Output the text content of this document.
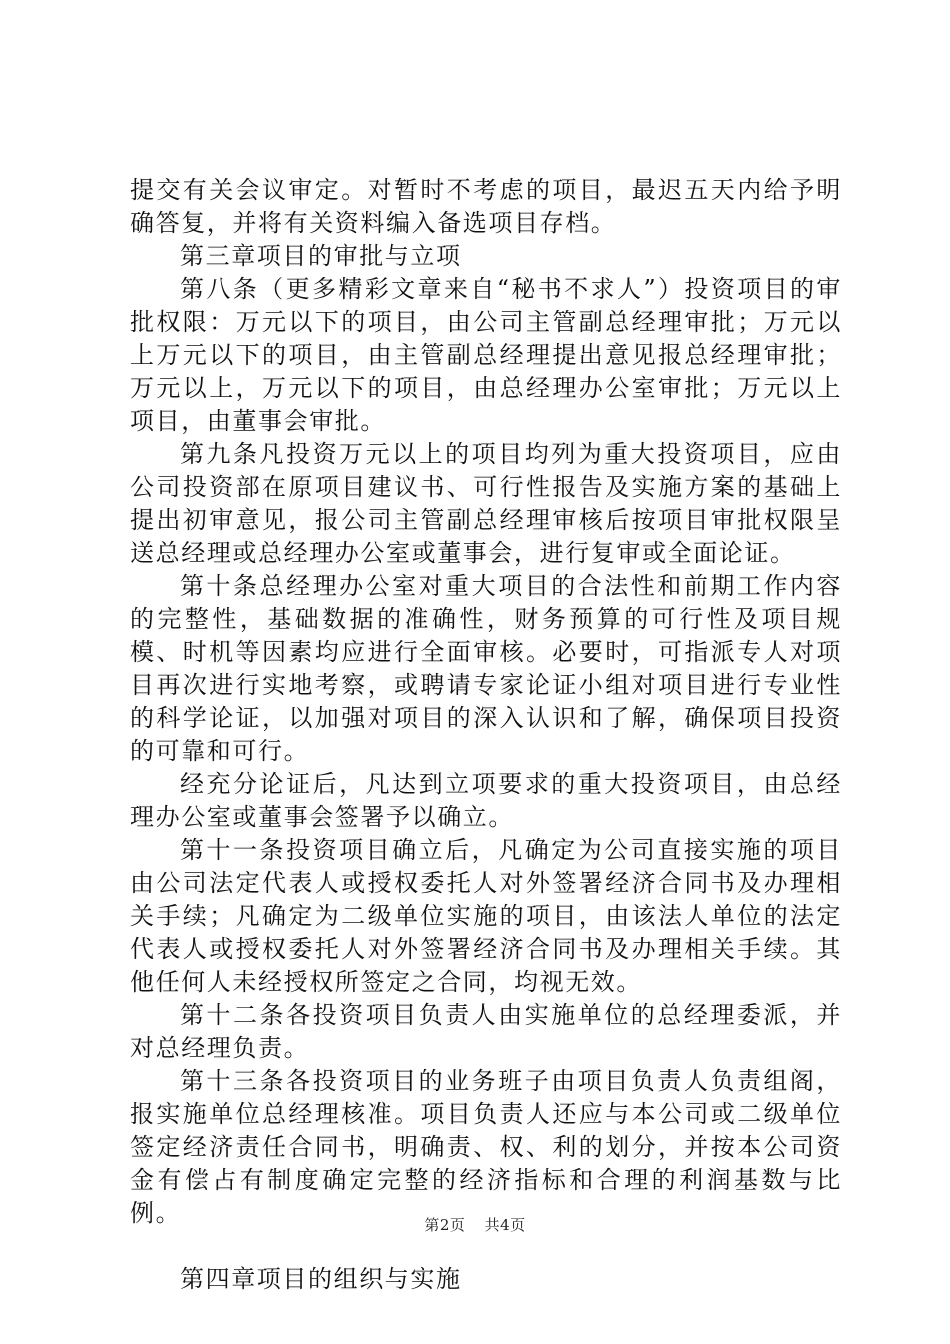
提交有关会议审定。对暂时不考虑的项目，最迟五天内给予明确答复，并将有关资料编入备选项目存档。

第三章项目的审批与立项

第八条（更多精彩文章来自“秘书不求人”）投资项目的审批权限：万元以下的项目，由公司主管副总经理审批；万元以上万元以下的项目，由主管副总经理提出意见报总经理审批；万元以上，万元以下的项目，由总经理办公室审批；万元以上项目，由董事会审批。

第九条凡投资万元以上的项目均列为重大投资项目，应由公司投资部在原项目建议书、可行性报告及实施方案的基础上提出初审意见，报公司主管副总经理审核后按项目审批权限呈送总经理或总经理办公室或董事会，进行复审或全面论证。

第十条总经理办公室对重大项目的合法性和前期工作内容的完整性，基础数据的准确性，财务预算的可行性及项目规模、时机等因素均应进行全面审核。必要时，可指派专人对项目再次进行实地考察，或聘请专家论证小组对项目进行专业性的科学论证，以加强对项目的深入认识和了解，确保项目投资的可靠和可行。

经充分论证后，凡达到立项要求的重大投资项目，由总经理办公室或董事会签署予以确立。

第十一条投资项目确立后，凡确定为公司直接实施的项目由公司法定代表人或授权委托人对外签署经济合同书及办理相关手续；凡确定为二级单位实施的项目，由该法人单位的法定代表人或授权委托人对外签署经济合同书及办理相关手续。其他任何人未经授权所签定之合同，均视无效。

第十二条各投资项目负责人由实施单位的总经理委派，并对总经理负责。

第十三条各投资项目的业务班子由项目负责人负责组阁，报实施单位总经理核准。项目负责人还应与本公司或二级单位签定经济责任合同书，明确责、权、利的划分，并按本公司资金有偿占有制度确定完整的经济指标和合理的利润基数与比例。

第四章项目的组织与实施

第2页 共4页
